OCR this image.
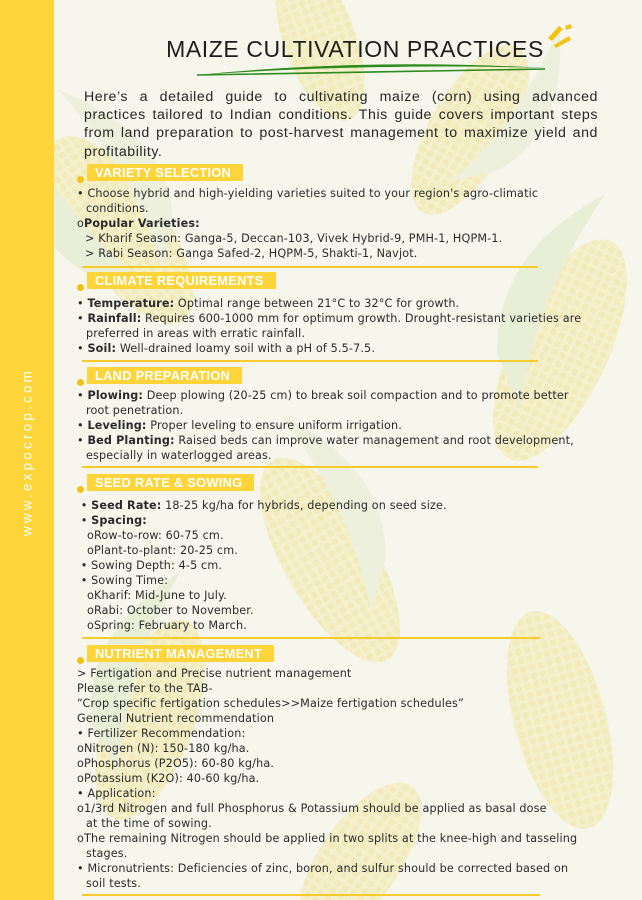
www.expocrop.com
MAIZE CULTIVATION PRACTICES

Here’s a detailed guide to cultivating maize (corn) using advanced practices tailored to Indian conditions. This guide covers important steps from land preparation to post-harvest management to maximize yield and profitability.

VARIETY SELECTION
• Choose hybrid and high-yielding varieties suited to your region's agro-climatic
conditions.
oPopular Varieties:
> Kharif Season: Ganga-5, Deccan-103, Vivek Hybrid-9, PMH-1, HQPM-1.
> Rabi Season: Ganga Safed-2, HQPM-5, Shakti-1, Navjot.
CLIMATE REQUIREMENTS
• Temperature: Optimal range between 21°C to 32°C for growth.
• Rainfall: Requires 600-1000 mm for optimum growth. Drought-resistant varieties are
preferred in areas with erratic rainfall.
• Soil: Well-drained loamy soil with a pH of 5.5-7.5.
LAND PREPARATION
• Plowing: Deep plowing (20-25 cm) to break soil compaction and to promote better
root penetration.
• Leveling: Proper leveling to ensure uniform irrigation.
• Bed Planting: Raised beds can improve water management and root development,
especially in waterlogged areas.
SEED RATE & SOWING
• Seed Rate: 18-25 kg/ha for hybrids, depending on seed size.
• Spacing:
oRow-to-row: 60-75 cm.
oPlant-to-plant: 20-25 cm.
• Sowing Depth: 4-5 cm.
• Sowing Time:
oKharif: Mid-June to July.
oRabi: October to November.
oSpring: February to March.
NUTRIENT MANAGEMENT
> Fertigation and Precise nutrient management
Please refer to the TAB-
“Crop specific fertigation schedules>>Maize fertigation schedules”
General Nutrient recommendation
• Fertilizer Recommendation:
oNitrogen (N): 150-180 kg/ha.
oPhosphorus (P2O5): 60-80 kg/ha.
oPotassium (K2O): 40-60 kg/ha.
• Application:
o1/3rd Nitrogen and full Phosphorus & Potassium should be applied as basal dose
at the time of sowing.
oThe remaining Nitrogen should be applied in two splits at the knee-high and tasseling
stages.
• Micronutrients: Deficiencies of zinc, boron, and sulfur should be corrected based on
soil tests.
